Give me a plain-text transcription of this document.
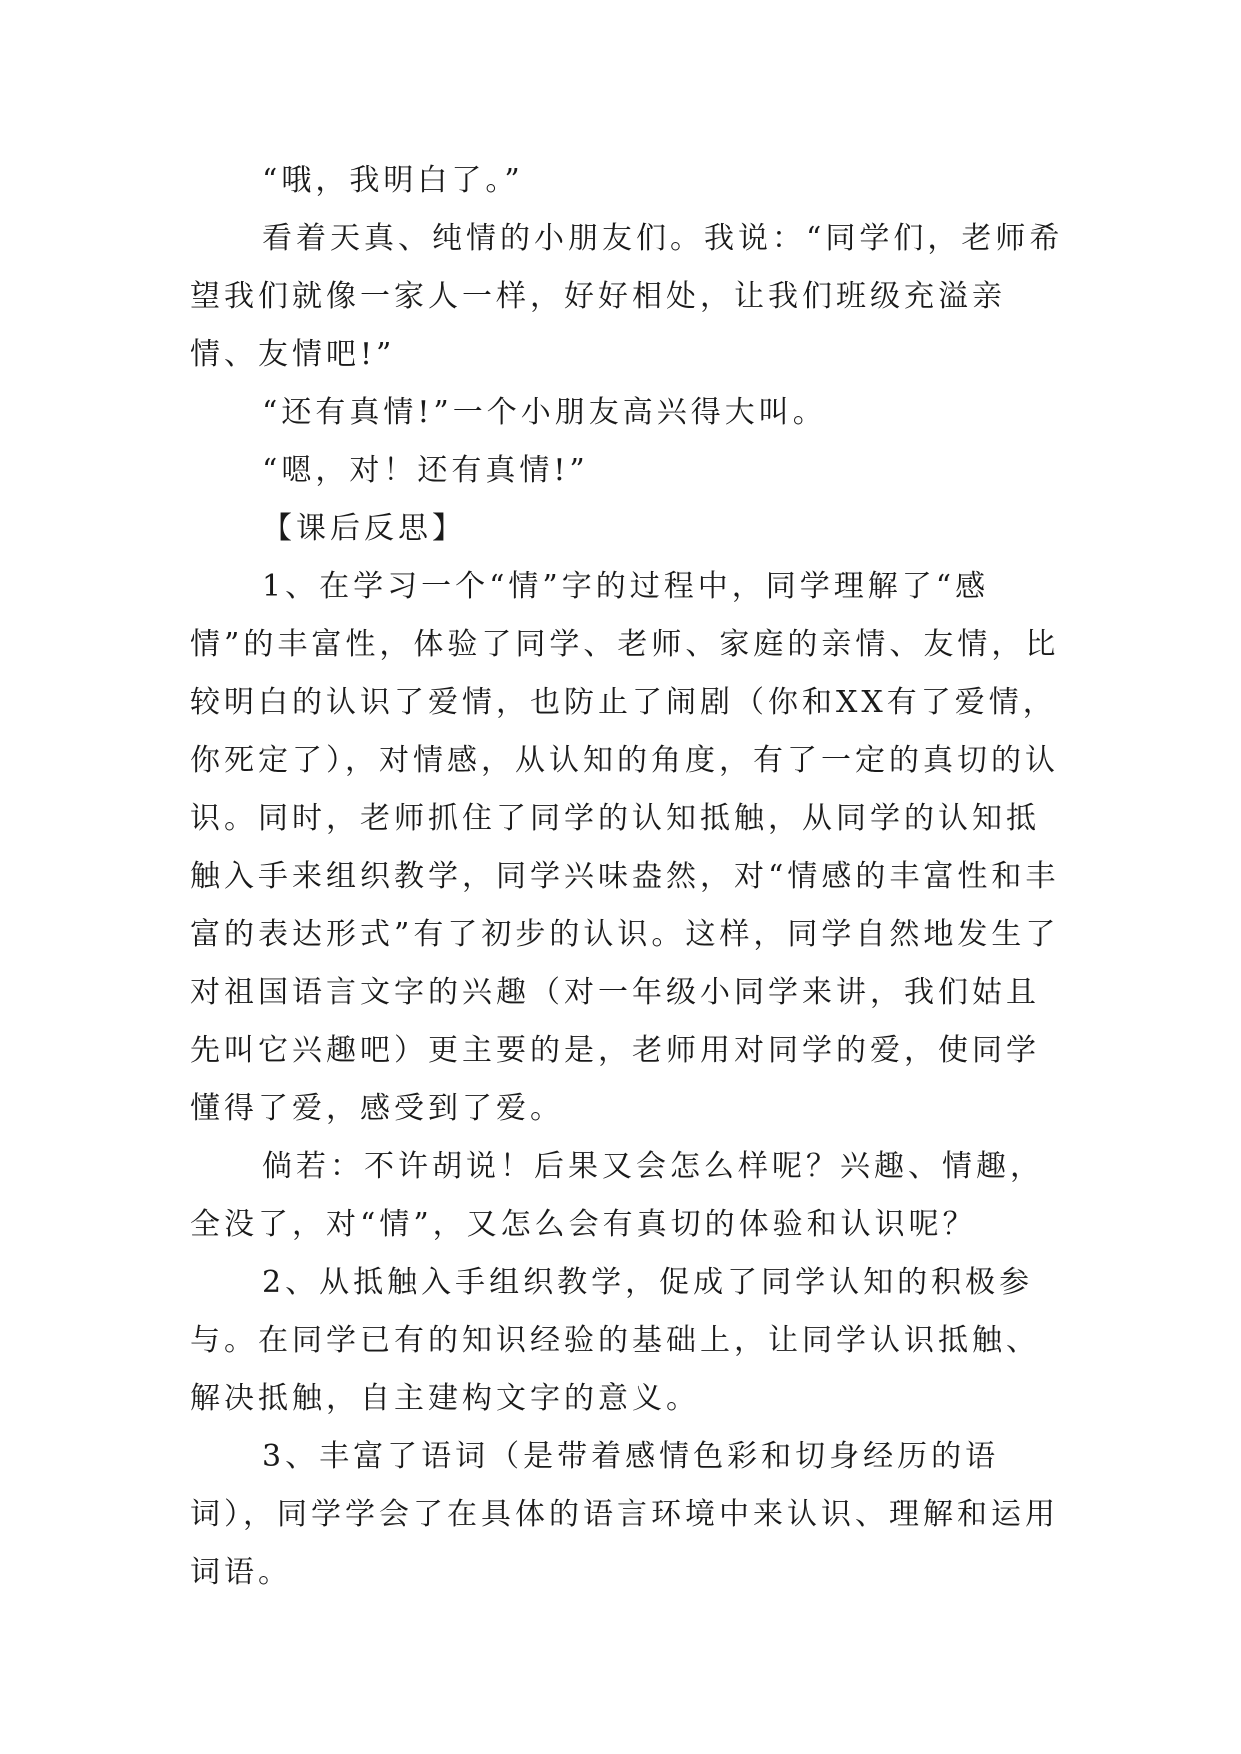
“哦，我明白了。”

看着天真、纯情的小朋友们。我说：“同学们，老师希望我们就像一家人一样，好好相处，让我们班级充溢亲情、友情吧!”

“还有真情!”一个小朋友高兴得大叫。

“嗯，对！还有真情!”

【课后反思】

1、在学习一个“情”字的过程中，同学理解了“感情”的丰富性，体验了同学、老师、家庭的亲情、友情，比较明白的认识了爱情，也防止了闹剧（你和XX有了爱情，你死定了），对情感，从认知的角度，有了一定的真切的认识。同时，老师抓住了同学的认知抵触，从同学的认知抵触入手来组织教学，同学兴味盎然，对“情感的丰富性和丰富的表达形式”有了初步的认识。这样，同学自然地发生了对祖国语言文字的兴趣（对一年级小同学来讲，我们姑且先叫它兴趣吧）更主要的是，老师用对同学的爱，使同学懂得了爱，感受到了爱。

倘若：不许胡说！后果又会怎么样呢？兴趣、情趣，全没了，对“情”，又怎么会有真切的体验和认识呢？

2、从抵触入手组织教学，促成了同学认知的积极参与。在同学已有的知识经验的基础上，让同学认识抵触、解决抵触，自主建构文字的意义。

3、丰富了语词（是带着感情色彩和切身经历的语词），同学学会了在具体的语言环境中来认识、理解和运用词语。
